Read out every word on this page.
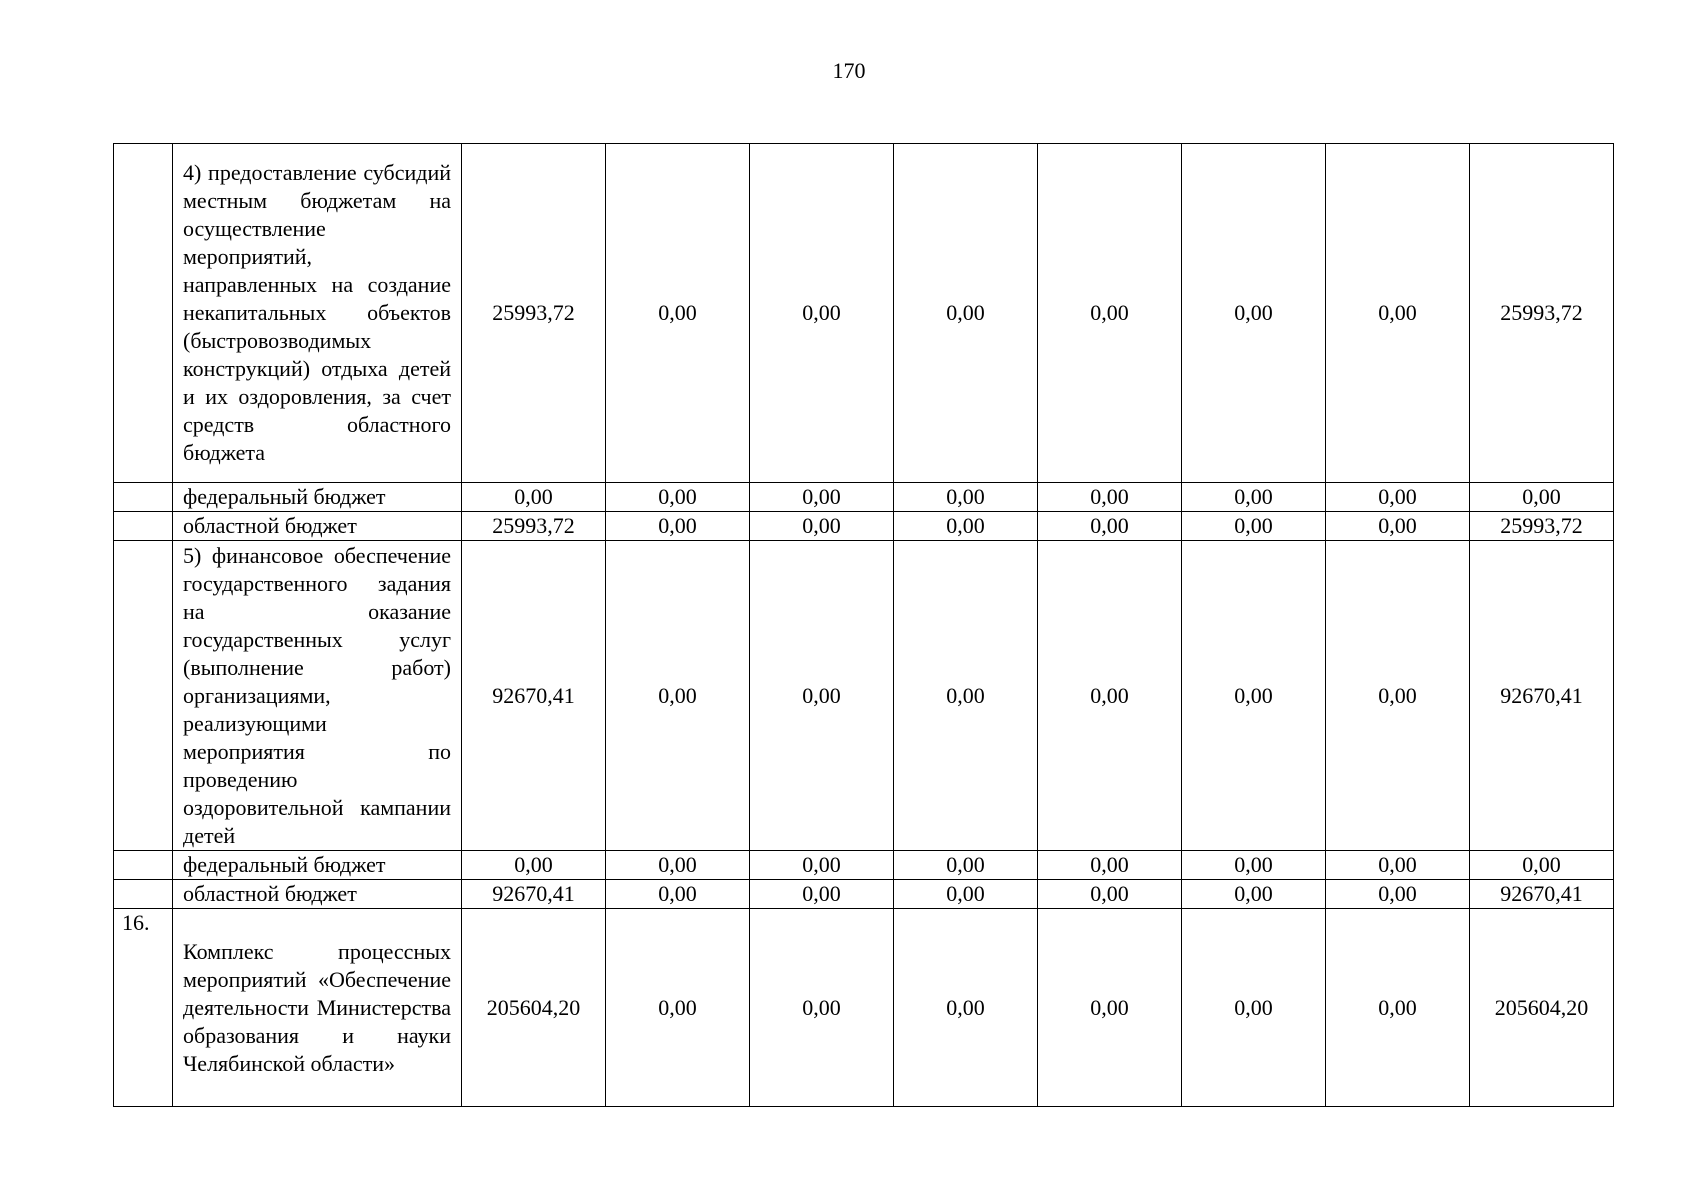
170

	4) предоставление субсидий местным бюджетам на осуществление мероприятий, направленных на создание некапитальных объектов (быстровозводимых конструкций) отдыха детей и их оздоровления, за счет средств областного бюджета	25993,72	0,00	0,00	0,00	0,00	0,00	0,00	25993,72
	федеральный бюджет	0,00	0,00	0,00	0,00	0,00	0,00	0,00	0,00
	областной бюджет	25993,72	0,00	0,00	0,00	0,00	0,00	0,00	25993,72

	5) финансовое обеспечение государственного задания на оказание государственных услуг (выполнение работ) организациями, реализующими мероприятия по проведению оздоровительной кампании детей	92670,41	0,00	0,00	0,00	0,00	0,00	0,00	92670,41
	федеральный бюджет	0,00	0,00	0,00	0,00	0,00	0,00	0,00	0,00
	областной бюджет	92670,41	0,00	0,00	0,00	0,00	0,00	0,00	92670,41
16.	Комплекс процессных мероприятий «Обеспечение деятельности Министерства образования и науки Челябинской области»	205604,20	0,00	0,00	0,00	0,00	0,00	0,00	205604,20
